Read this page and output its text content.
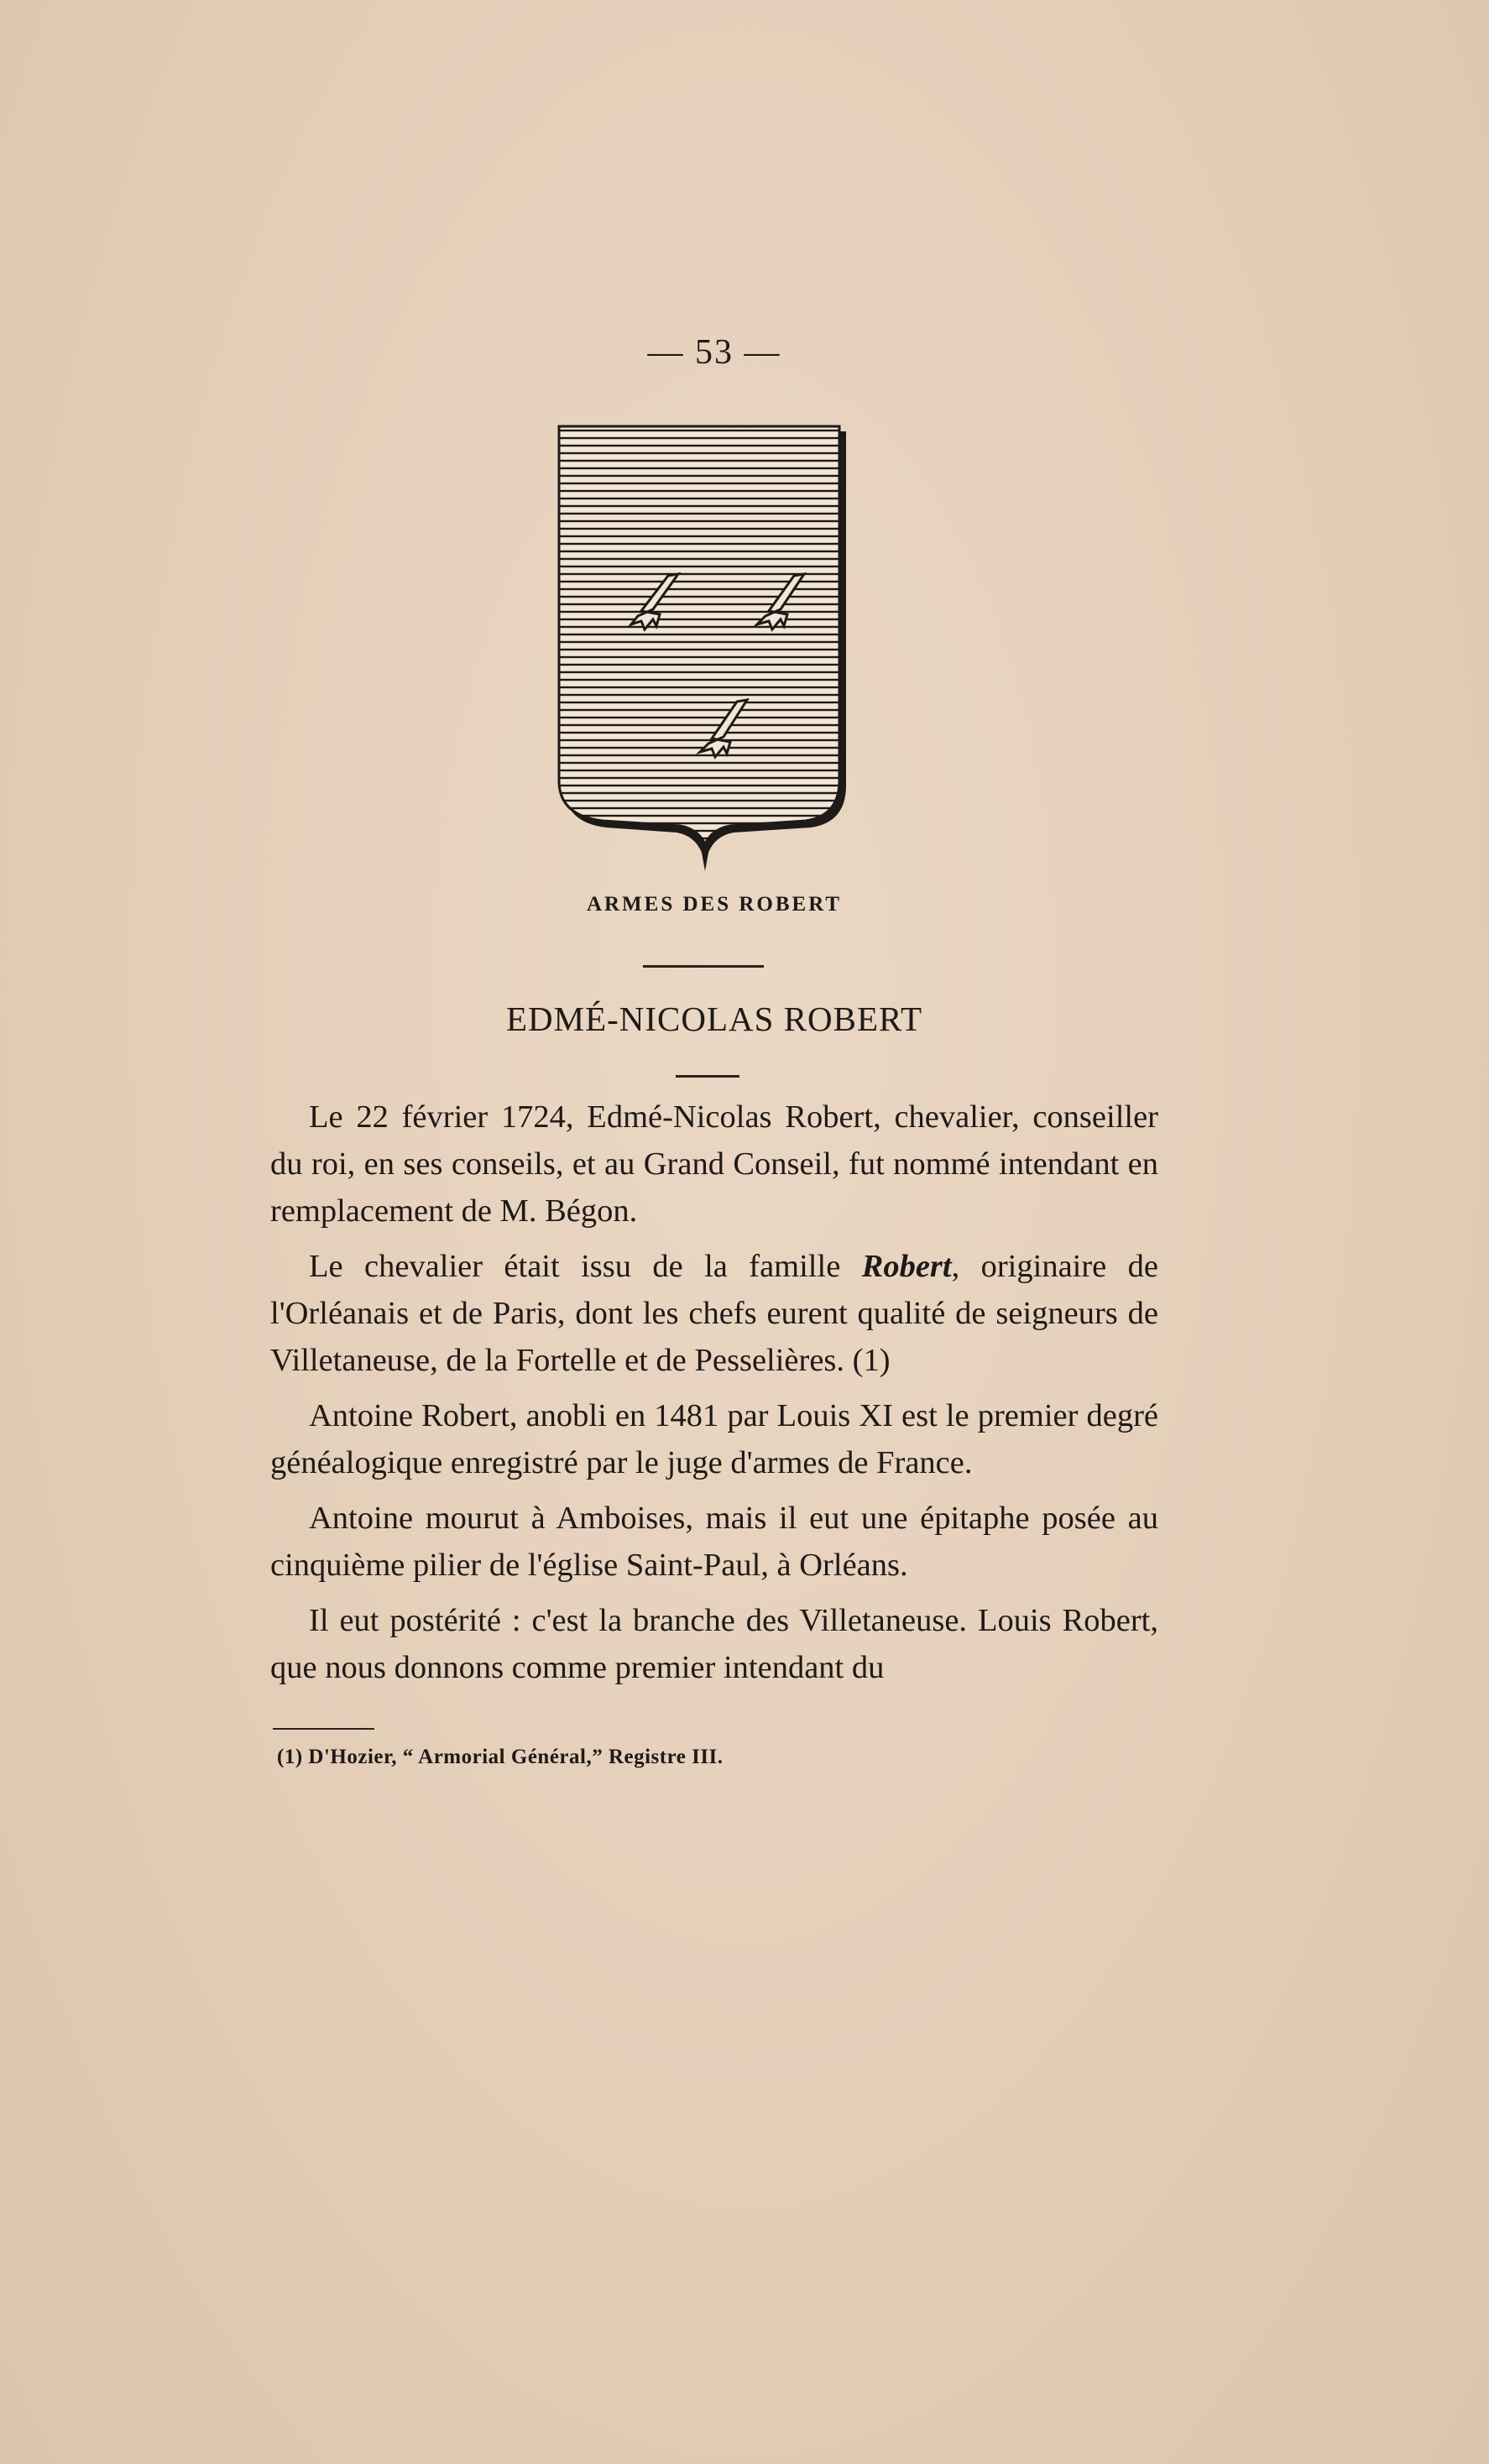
— 53 —
ARMES DES ROBERT
EDMÉ-NICOLAS ROBERT

Le 22 février 1724, Edmé-Nicolas Robert, chevalier, conseiller du roi, en ses conseils, et au Grand Conseil, fut nommé intendant en remplacement de M. Bégon.

Le chevalier était issu de la famille Robert, originaire de l'Orléanais et de Paris, dont les chefs eurent qualité de seigneurs de Villetaneuse, de la Fortelle et de Pesselières. (1)

Antoine Robert, anobli en 1481 par Louis XI est le premier degré généalogique enregistré par le juge d'armes de France.

Antoine mourut à Amboises, mais il eut une épitaphe posée au cinquième pilier de l'église Saint-Paul, à Orléans.

Il eut postérité : c'est la branche des Villetaneuse. Louis Robert, que nous donnons comme premier intendant du

(1) D'Hozier, “ Armorial Général,” Registre III.
